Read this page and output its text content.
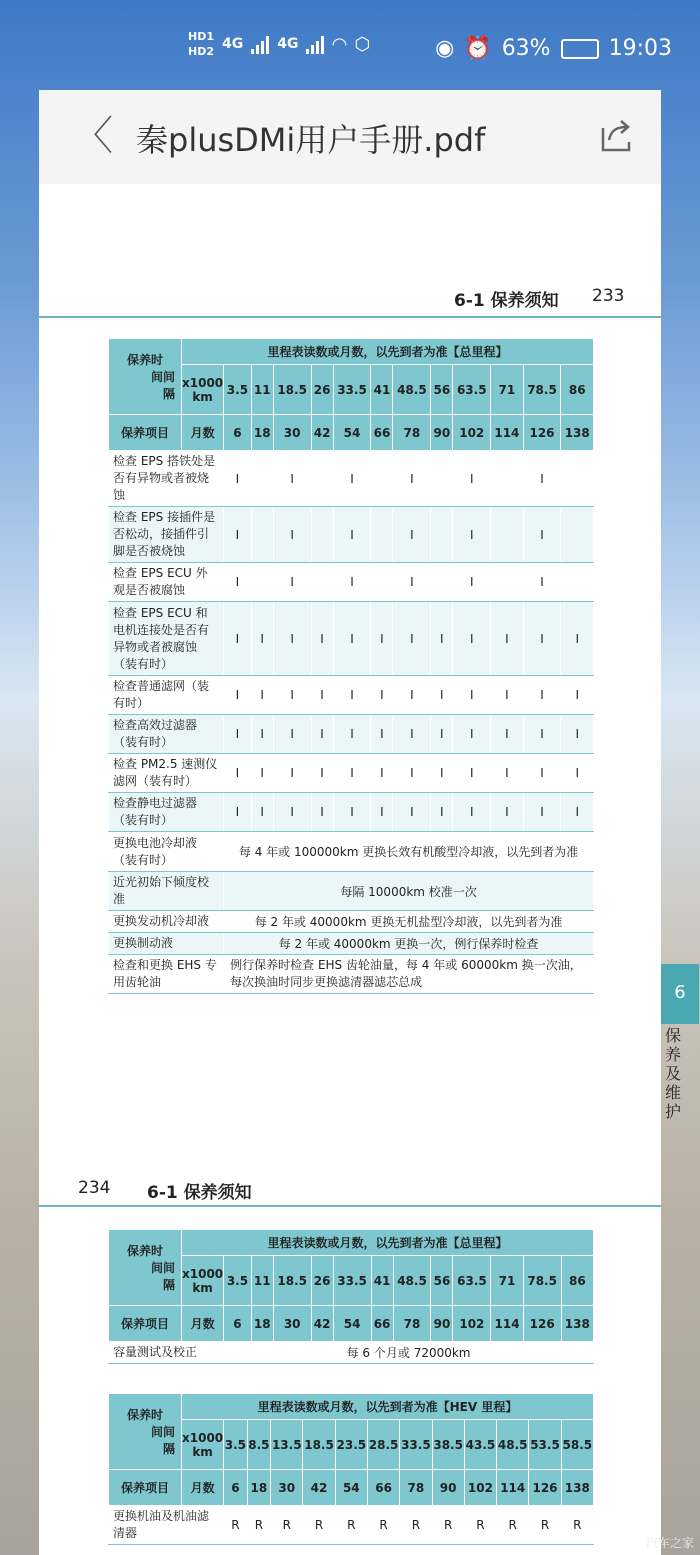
HD1
HD2 4G 4G ◠ ⬡	◉ ⏰ 63%	19:03
〈 秦plusDMi用户手册.pdf
6-1 保养须知 233
保养时
间间
隔	里程表读数或月数，以先到者为准【总里程】												
	x1000 km	3.5	11	18.5	26	33.5	41	48.5	56	63.5	71	78.5	86
保养项目	月数	6	18	30	42	54	66	78	90	102	114	126	138
检查 EPS 搭铁处是否有异物或者被烧蚀		I		I		I		I		I		I	
检查 EPS 接插件是否松动，接插件引脚是否被烧蚀		I		I		I		I		I		I	
检查 EPS ECU 外观是否被腐蚀		I		I		I		I		I		I	
检查 EPS ECU 和电机连接处是否有异物或者被腐蚀（装有时）		I	I	I	I	I	I	I	I	I	I	I	I
检查普通滤网（装有时）		I	I	I	I	I	I	I	I	I	I	I	I
检查高效过滤器（装有时）		I	I	I	I	I	I	I	I	I	I	I	I
检查 PM2.5 速测仪滤网（装有时）		I	I	I	I	I	I	I	I	I	I	I	I
检查静电过滤器（装有时）		I	I	I	I	I	I	I	I	I	I	I	I
更换电池冷却液（装有时）		每 4 年或 100000km 更换长效有机酸型冷却液，以先到者为准											
近光初始下倾度校准		每隔 10000km 校准一次											
更换发动机冷却液		每 2 年或 40000km 更换无机盐型冷却液，以先到者为准											
更换制动液		每 2 年或 40000km 更换一次，例行保养时检查											
检查和更换 EHS 专用齿轮油		例行保养时检查 EHS 齿轮油量，每 4 年或 60000km 换一次油，每次换油时同步更换滤清器滤芯总成												6
保养及维护
234 6-1 保养须知
保养时
间间
隔	里程表读数或月数，以先到者为准【总里程】												
	x1000 km	3.5	11	18.5	26	33.5	41	48.5	56	63.5	71	78.5	86
保养项目	月数	6	18	30	42	54	66	78	90	102	114	126	138
容量测试及校正		每 6 个月或 72000km											
保养时
间间
隔	里程表读数或月数，以先到者为准【HEV 里程】												
	x1000 km	3.5	8.5	13.5	18.5	23.5	28.5	33.5	38.5	43.5	48.5	53.5	58.5
保养项目	月数	6	18	30	42	54	66	78	90	102	114	126	138
更换机油及机油滤清器		R	R	R	R	R	R	R	R	R	R	R	R
汽车之家
